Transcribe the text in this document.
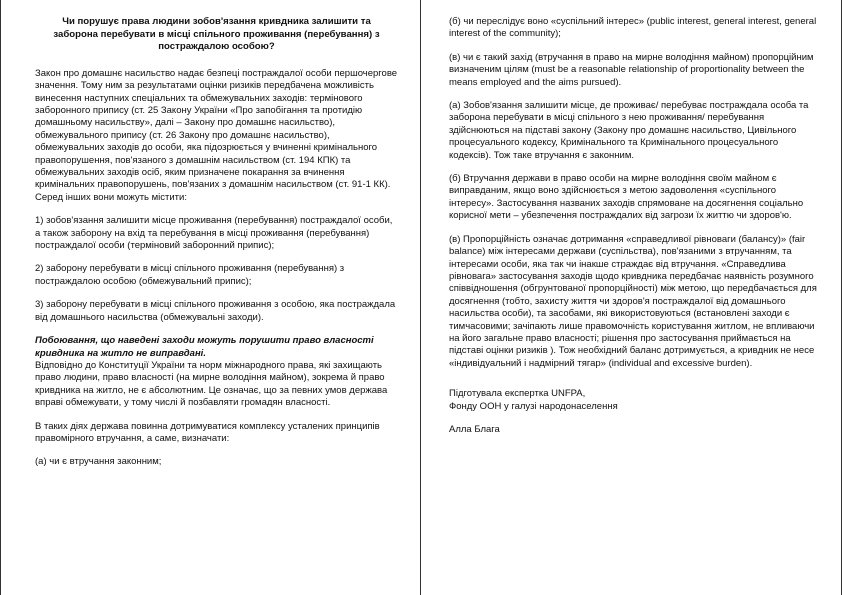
Чи порушує права людини зобов'язання кривдника залишити та заборона перебувати в місці спільного проживання (перебування) з постраждалою особою?

Закон про домашнє насильство надає безпеці постраждалої особи першочергове значення. Тому ним за результатами оцінки ризиків передбачена можливість винесення наступних спеціальних та обмежувальних заходів: термінового заборонного припису (ст. 25 Закону України «Про запобігання та протидію домашньому насильству», далі – Закону про домашнє насильство), обмежувального припису (ст. 26 Закону про домашнє насильство), обмежувальних заходів до особи, яка підозрюється у вчиненні кримінального правопорушення, пов'язаного з домашнім насильством (ст. 194 КПК) та обмежувальних заходів осіб, яким призначене покарання за вчинення кримінальних правопорушень, пов'язаних з домашнім насильством (ст. 91-1 КК). Серед інших вони можуть містити:

1) зобов'язання залишити місце проживання (перебування) постраждалої особи, а також заборону на вхід та перебування в місці проживання (перебування) постраждалої особи (терміновий заборонний припис);

2) заборону перебувати в місці спільного проживання (перебування) з постраждалою особою (обмежувальний припис);

3) заборону перебувати в місці спільного проживання з особою, яка постраждала від домашнього насильства (обмежувальні заходи).

Побоювання, що наведені заходи можуть порушити право власності кривдника на житло не виправдані.

Відповідно до Конституції України та норм міжнародного права, які захищають право людини, право власності (на мирне володіння майном), зокрема й право кривдника на житло, не є абсолютним. Це означає, що за певних умов держава вправі обмежувати, у тому числі й позбавляти громадян власності.

В таких діях держава повинна дотримуватися комплексу усталених принципів правомірного втручання, а саме, визначати:

(а) чи є втручання законним;

(б) чи переслідує воно «суспільний інтерес» (public interest, general interest, general interest of the community);

(в) чи є такий захід (втручання в право на мирне володіння майном) пропорційним визначеним цілям (must be a reasonable relationship of proportionality between the means employed and the aims pursued).

(а) Зобов'язання залишити місце, де проживає/ перебуває постраждала особа та заборона перебувати в місці спільного з нею проживання/ перебування здійснюються на підставі закону (Закону про домашнє насильство, Цивільного процесуального кодексу, Кримінального та Кримінального процесуального кодексів). Тож таке втручання є законним.

(б) Втручання держави в право особи на мирне володіння своїм майном є виправданим, якщо воно здійснюється з метою задоволення «суспільного інтересу». Застосування названих заходів спрямоване на досягнення соціально корисної мети – убезпечення постраждалих від загрози їх життю чи здоров'ю.

(в) Пропорційність означає дотримання «справедливої рівноваги (балансу)» (fair balance) між інтересами держави (суспільства), пов'язаними з втручанням, та інтересами особи, яка так чи інакше страждає від втручання. «Справедлива рівновага» застосування заходів щодо кривдника передбачає наявність розумного співвідношення (обгрунтованої пропорційності) між метою, що передбачається для досягнення (тобто, захисту життя чи здоров'я постраждалої від домашнього насильства особи), та засобами, які використовуються (встановлені заходи є тимчасовими; зачіпають лише правомочність користування житлом, не впливаючи на його загальне право власності; рішення про застосування приймається на підставі оцінки ризиків ). Тож необхідний баланс дотримується, а кривдник не несе «індивідуальний і надмірний тягар» (individual and excessive burden).

Підготувала експертка UNFPA,

Фонду ООН у галузі народонаселення

Алла Блага
